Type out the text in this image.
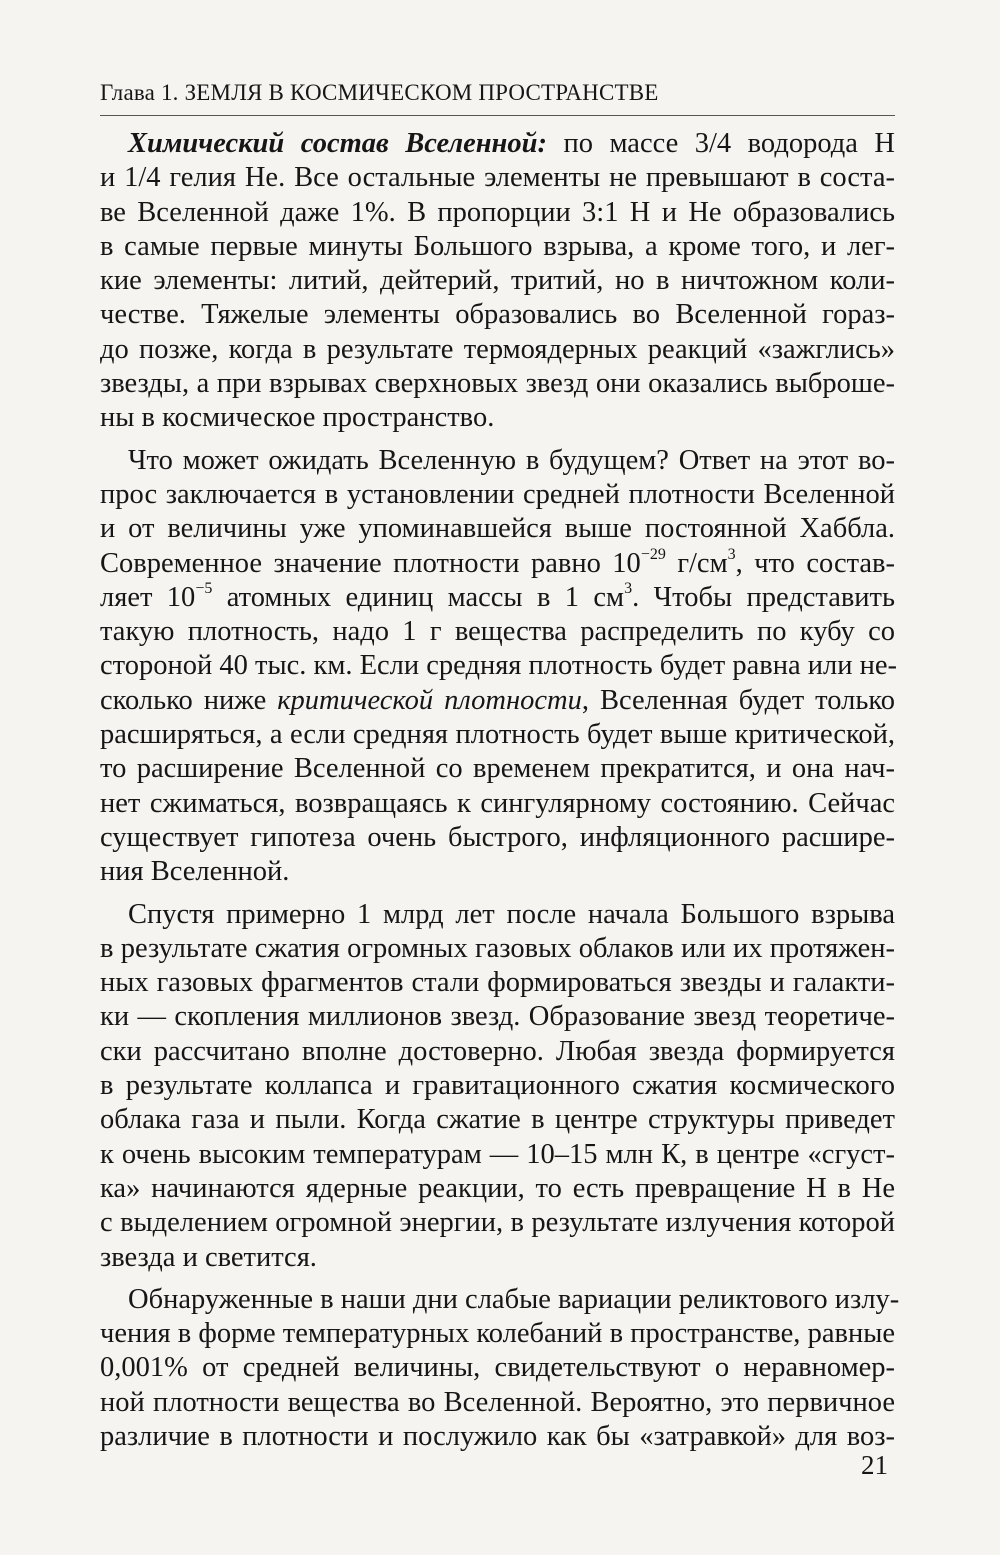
Глава 1. ЗЕМЛЯ В КОСМИЧЕСКОМ ПРОСТРАНСТВЕ
Химический состав Вселенной: по массе 3/4 водорода Н
и 1/4 гелия Не. Все остальные элементы не превышают в соста-
ве Вселенной даже 1%. В пропорции 3:1 Н и Не образовались
в самые первые минуты Большого взрыва, а кроме того, и лег-
кие элементы: литий, дейтерий, тритий, но в ничтожном коли-
честве. Тяжелые элементы образовались во Вселенной гораз-
до позже, когда в результате термоядерных реакций «зажглись»
звезды, а при взрывах сверхновых звезд они оказались выброше-
ны в космическое пространство.
Что может ожидать Вселенную в будущем? Ответ на этот во-
прос заключается в установлении средней плотности Вселенной
и от величины уже упоминавшейся выше постоянной Хаббла.
Современное значение плотности равно $10^{-29}$ $г/см^3$, что состав-
ляет $10^{-5}$ атомных единиц массы в 1 $см^3$. Чтобы представить
такую плотность, надо 1 г вещества распределить по кубу со
стороной 40 тыс. км. Если средняя плотность будет равна или не-
сколько ниже критической плотности, Вселенная будет только
расширяться, а если средняя плотность будет выше критической,
то расширение Вселенной со временем прекратится, и она нач-
нет сжиматься, возвращаясь к сингулярному состоянию. Сейчас
существует гипотеза очень быстрого, инфляционного расшире-
ния Вселенной.
Спустя примерно 1 млрд лет после начала Большого взрыва
в результате сжатия огромных газовых облаков или их протяжен-
ных газовых фрагментов стали формироваться звезды и галакти-
ки — скопления миллионов звезд. Образование звезд теоретиче-
ски рассчитано вполне достоверно. Любая звезда формируется
в результате коллапса и гравитационного сжатия космического
облака газа и пыли. Когда сжатие в центре структуры приведет
к очень высоким температурам — 10–15 млн К, в центре «сгуст-
ка» начинаются ядерные реакции, то есть превращение Н в Не
с выделением огромной энергии, в результате излучения которой
звезда и светится.
Обнаруженные в наши дни слабые вариации реликтового излу-
чения в форме температурных колебаний в пространстве, равные
0,001% от средней величины, свидетельствуют о неравномер-
ной плотности вещества во Вселенной. Вероятно, это первичное
различие в плотности и послужило как бы «затравкой» для воз-
21
